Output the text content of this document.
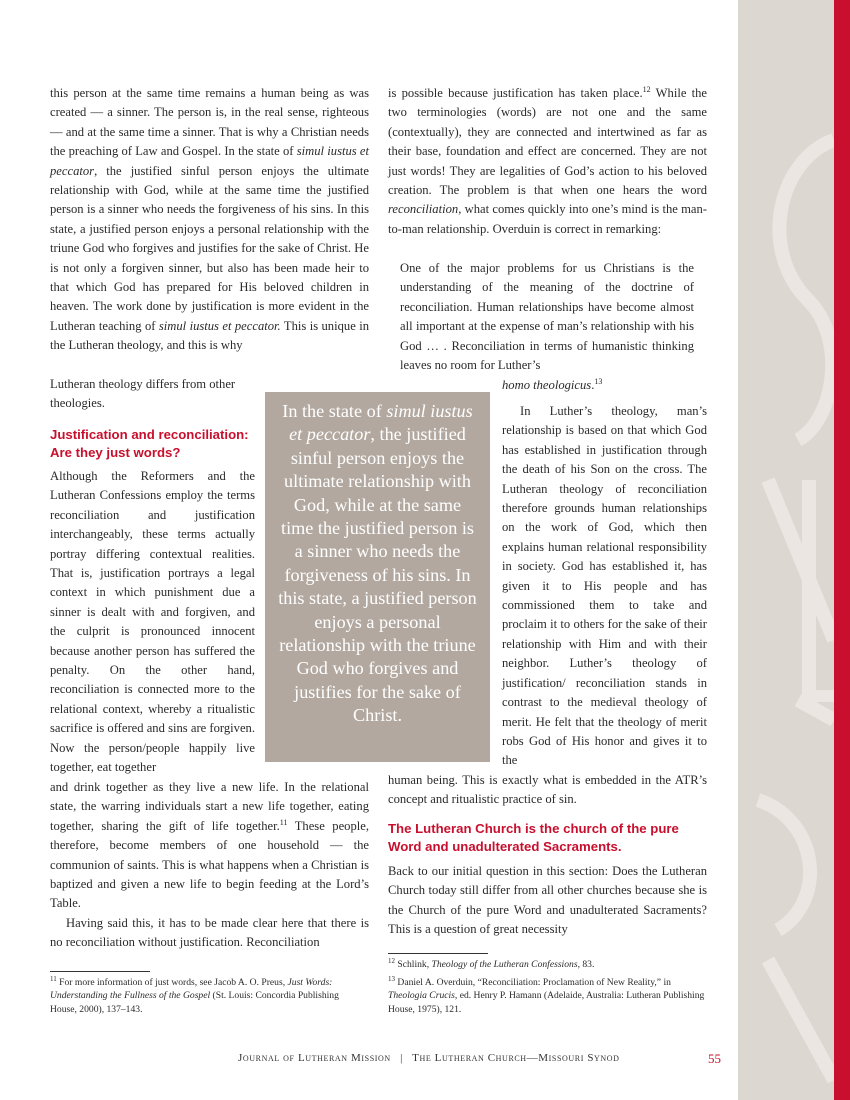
this person at the same time remains a human being as was created — a sinner. The person is, in the real sense, righteous — and at the same time a sinner. That is why a Christian needs the preaching of Law and Gospel. In the state of simul iustus et peccator, the justified sinful person enjoys the ultimate relationship with God, while at the same time the justified person is a sinner who needs the forgiveness of his sins. In this state, a justified person enjoys a personal relationship with the triune God who forgives and justifies for the sake of Christ. He is not only a forgiven sinner, but also has been made heir to that which God has prepared for His beloved children in heaven. The work done by justification is more evident in the Lutheran teaching of simul iustus et peccator. This is unique in the Lutheran theology, and this is why

Lutheran theology differs from other theologies.
Justification and reconciliation: Are they just words?
Although the Reformers and the Lutheran Confessions employ the terms reconciliation and justification interchangeably, these terms actually portray differing contextual realities. That is, justification portrays a legal context in which punishment due a sinner is dealt with and forgiven, and the culprit is pronounced innocent because another person has suffered the penalty. On the other hand, reconciliation is connected more to the relational context, whereby a ritualistic sacrifice is offered and sins are forgiven. Now the person/people happily live together, eat together
and drink together as they live a new life. In the relational state, the warring individuals start a new life together, eating together, sharing the gift of life together.$^{11}$ These people, therefore, become members of one household — the communion of saints. This is what happens when a Christian is baptized and given a new life to begin feeding at the Lord’s Table.

Having said this, it has to be made clear here that there is no reconciliation without justification. Reconciliation

In the state of simul iustus et peccator, the justified sinful person enjoys the ultimate relationship with God, while at the same time the justified person is a sinner who needs the forgiveness of his sins. In this state, a justified person enjoys a personal relationship with the triune God who forgives and justifies for the sake of Christ.

is possible because justification has taken place.$^{12}$ While the two terminologies (words) are not one and the same (contextually), they are connected and intertwined as far as their base, foundation and effect are concerned. They are not just words! They are legalities of God’s action to his beloved creation. The problem is that when one hears the word reconciliation, what comes quickly into one’s mind is the man-to-man relationship. Overduin is correct in remarking:

One of the major problems for us Christians is the understanding of the meaning of the doctrine of reconciliation. Human relationships have become almost all important at the expense of man’s relationship with his God … . Reconciliation in terms of humanistic thinking leaves no room for Luther’s
homo theologicus.$^{13}$
In Luther’s theology, man’s relationship is based on that which God has established in justification through the death of his Son on the cross. The Lutheran theology of reconciliation therefore grounds human relationships on the work of God, which then explains human relational responsibility in society. God has established it, has given it to His people and has commissioned them to take and proclaim it to others for the sake of their relationship with Him and with their neighbor. Luther’s theology of justification/ reconciliation stands in contrast to the medieval theology of merit. He felt that the theology of merit robs God of His honor and gives it to the
human being. This is exactly what is embedded in the ATR’s concept and ritualistic practice of sin.
The Lutheran Church is the church of the pure Word and unadulterated Sacraments.

Back to our initial question in this section: Does the Lutheran Church today still differ from all other churches because she is the Church of the pure Word and unadulterated Sacraments? This is a question of great necessity

$^{11}$ For more information of just words, see Jacob A. O. Preus, Just Words: Understanding the Fullness of the Gospel (St. Louis: Concordia Publishing House, 2000), 137–143.
$^{12}$ Schlink, Theology of the Lutheran Confessions, 83.
$^{13}$ Daniel A. Overduin, “Reconciliation: Proclamation of New Reality,” in Theologia Crucis, ed. Henry P. Hamann (Adelaide, Australia: Lutheran Publishing House, 1975), 121.
Journal of Lutheran Mission | The Lutheran Church—Missouri Synod	55
